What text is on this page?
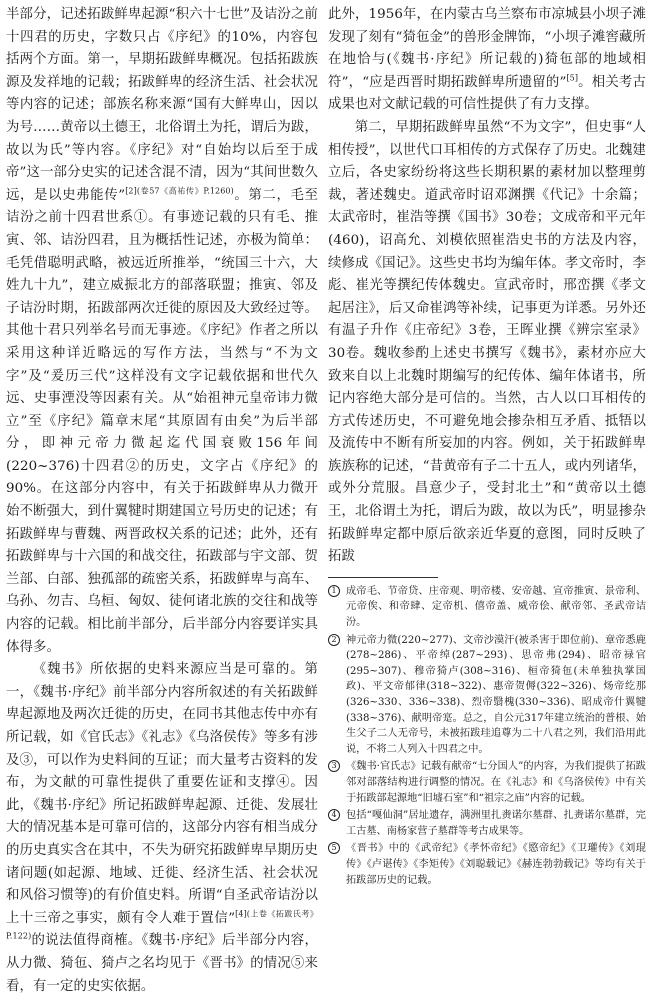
半部分，记述拓跋鲜卑起源“积六十七世”及诘汾之前十四君的历史，字数只占《序纪》的10%，内容包括两个方面。第一，早期拓跋鲜卑概况。包括拓跋族源及发祥地的记载；拓跋鲜卑的经济生活、社会状况等内容的记述；部族名称来源“国有大鲜卑山，因以为号……黄帝以土德王，北俗谓土为托，谓后为跋，故以为氏”等内容。《序纪》对“自始均以后至于成帝”这一部分史实的记述含混不清，因为“其间世数久远，是以史弗能传”$^{[2](卷57《高祐传》P.1260)}$。第二，毛至诘汾之前十四君世系①。有事迹记载的只有毛、推寅、邻、诘汾四君，且为概括性记述，亦极为简单：毛凭借聪明武略，被远近所推举，“统国三十六，大姓九十九”，建立威振北方的部落联盟；推寅、邻及子诘汾时期，拓跋部两次迁徙的原因及大致经过等。其他十君只列举名号而无事迹。《序纪》作者之所以采用这种详近略远的写作方法，当然与“不为文字”及“爰历三代”这样没有文字记载依据和世代久远、史事湮没等因素有关。从“始祖神元皇帝讳力微立”至《序纪》篇章末尾“其原固有由矣”为后半部分，即神元帝力微起迄代国衰败156年间(220~376)十四君②的历史，文字占《序纪》的90%。在这部分内容中，有关于拓跋鲜卑从力微开始不断强大，到什翼犍时期建国立号历史的记述；有拓跋鲜卑与曹魏、两晋政权关系的记述；此外，还有拓跋鲜卑与十六国的和战交往，拓跋部与宇文部、贺兰部、白部、独孤部的疏密关系，拓跋鲜卑与高车、乌孙、勿吉、乌桓、匈奴、徒何诸北族的交往和战等内容的记载。相比前半部分，后半部分内容要详实具体得多。

《魏书》所依据的史料来源应当是可靠的。第一，《魏书·序纪》前半部分内容所叙述的有关拓跋鲜卑起源地及两次迁徙的历史，在同书其他志传中亦有所记载，如《官氏志》《礼志》《乌洛侯传》等多有涉及③，可以作为史料间的互证；而大量考古资料的发布，为文献的可靠性提供了重要佐证和支撑④。因此，《魏书·序纪》所记拓跋鲜卑起源、迁徙、发展壮大的情况基本是可靠可信的，这部分内容有相当成分的历史真实含在其中，不失为研究拓跋鲜卑早期历史诸问题(如起源、地域、迁徙、经济生活、社会状况和风俗习惯等)的有价值史料。所谓“自圣武帝诘汾以上十三帝之事实，颇有令人难于置信”$^{[4](上卷《拓跋氏考》P.122)}$的说法值得商榷。《魏书·序纪》后半部分内容，从力微、猗㐌、猗卢之名均见于《晋书》的情况⑤来看，有一定的史实依据。

此外，1956年，在内蒙古乌兰察布市凉城县小坝子滩发现了刻有“猗㐌金”的兽形金牌饰，“小坝子滩窖藏所在地恰与(《魏书·序纪》所记载的)猗㐌部的地域相符”，“应是西晋时期拓跋鲜卑所遗留的”[5]。相关考古成果也对文献记载的可信性提供了有力支撑。

第二，早期拓跋鲜卑虽然“不为文字”，但史事“人相传授”，以世代口耳相传的方式保存了历史。北魏建立后，各史家纷纷将这些长期积累的素材加以整理剪裁，著述魏史。道武帝时诏邓渊撰《代记》十余篇；太武帝时，崔浩等撰《国书》30卷；文成帝和平元年(460)，诏高允、刘模依照崔浩史书的方法及内容，续修成《国记》。这些史书均为编年体。孝文帝时，李彪、崔光等撰纪传体魏史。宣武帝时，邢峦撰《孝文起居注》，后又命崔鸿等补续，记事更为详悉。另外还有温子升作《庄帝纪》3卷，王晖业撰《辨宗室录》30卷。魏收参酌上述史书撰写《魏书》，素材亦应大致来自以上北魏时期编写的纪传体、编年体诸书，所记内容绝大部分是可信的。当然，古人以口耳相传的方式传述历史，不可避免地会掺杂相互矛盾、抵牾以及流传中不断有所妄加的内容。例如，关于拓跋鲜卑族族称的记述，“昔黄帝有子二十五人，或内列诸华，或外分荒服。昌意少子，受封北土”和“黄帝以土德王，北俗谓土为托，谓后为跋，故以为氏”，明显掺杂拓跋鲜卑定都中原后欲亲近华夏的意图，同时反映了拓跋

1 成帝毛、节帝贷、庄帝观、明帝楼、安帝越、宣帝推寅、景帝利、元帝俟、和帝肆、定帝机、僖帝盖、威帝侩、献帝邻、圣武帝诘汾。
2 神元帝力微(220~277)、文帝沙漠汗(被杀害于即位前)、章帝悉鹿(278~286)、平帝绰(287~293)、思帝弗(294)、昭帝禄官(295~307)、穆帝猗卢(308~316)、桓帝猗㐌(未单独执掌国政)、平文帝郁律(318~322)、惠帝贺傉(322~326)、炀帝纥那(326~330、336~338)、烈帝翳槐(330~336)、昭成帝什翼犍(338~376)、献明帝寔。总之，自公元317年建立统治的普根、始生父子二人无帝号，未被拓跋珪追尊为二十八君之列，我们沿用此说，不将二人列入十四君之中。
3 《魏书·官氏志》记载有献帝“七分国人”的内容，为我们提供了拓跋邻对部落结构进行调整的情况。在《礼志》和《乌洛侯传》中有关于拓跋部起源地“旧墟石室”和“祖宗之庙”内容的记载。
4 包括“嘎仙洞”居址遗存，满洲里扎赉诺尔墓群、扎赉诺尔墓群，完工古墓、南杨家营子墓群等考古成果等。
5 《晋书》中的《武帝纪》《孝怀帝纪》《愍帝纪》《卫瓘传》《刘琨传》《卢谌传》《李矩传》《刘聪载记》《赫连勃勃载记》等均有关于拓跋部历史的记载。
